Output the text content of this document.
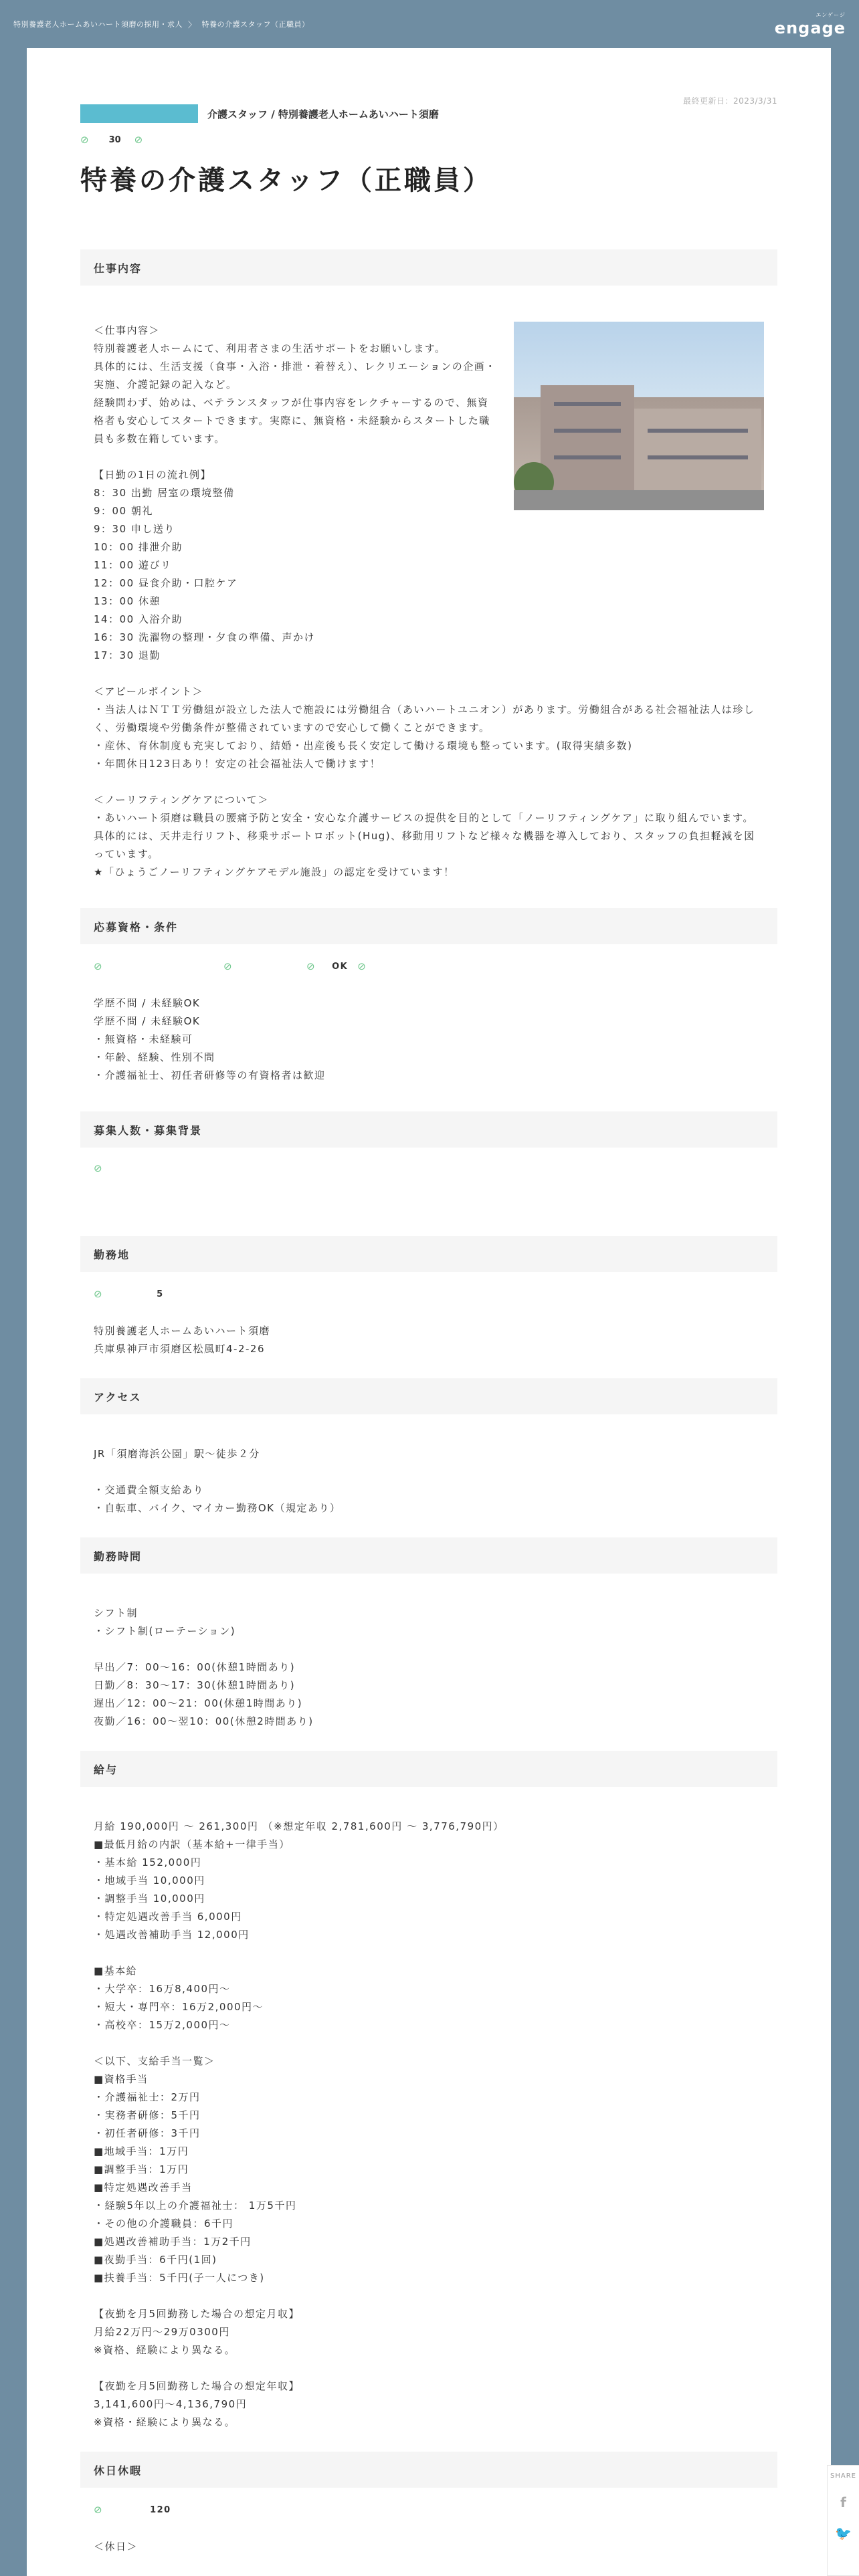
特別養護老人ホームあいハート須磨の採用・求人 〉 特養の介護スタッフ（正職員）
エンゲージ
engage
最終更新日：2023/3/31
介護スタッフ / 特別養護老人ホームあいハート須磨
⊘ 30 ⊘
特養の介護スタッフ（正職員）
仕事内容
＜仕事内容＞
特別養護老人ホームにて、利用者さまの生活サポートをお願いします。
具体的には、生活支援（食事・入浴・排泄・着替え）、レクリエーションの企画・実施、介護記録の記入など。
経験問わず、始めは、ベテランスタッフが仕事内容をレクチャーするので、無資格者も安心してスタートできます。実際に、無資格・未経験からスタートした職員も多数在籍しています。
【日勤の1日の流れ例】
8：30 出勤 居室の環境整備
9：00 朝礼
9：30 申し送り
10：00 排泄介助
11：00 遊びリ
12：00 昼食介助・口腔ケア
13：00 休憩
14：00 入浴介助
16：30 洗濯物の整理・夕食の準備、声かけ
17：30 退勤
＜アピールポイント＞
・当法人はＮＴＴ労働組が設立した法人で施設には労働組合（あいハートユニオン）があります。労働組合がある社会福祉法人は珍しく、労働環境や労働条件が整備されていますので安心して働くことができます。
・産休、育休制度も充実しており、結婚・出産後も長く安定して働ける環境も整っています。(取得実績多数)
・年間休日123日あり！安定の社会福祉法人で働けます！
＜ノーリフティングケアについて＞
・あいハート須磨は職員の腰痛予防と安全・安心な介護サービスの提供を目的として「ノーリフティングケア」に取り組んでいます。具体的には、天井走行リフト、移乗サポートロボット(Hug)、移動用リフトなど様々な機器を導入しており、スタッフの負担軽減を図っています。
★「ひょうごノーリフティングケアモデル施設」の認定を受けています！
応募資格・条件
⊘	⊘	⊘ OK ⊘
学歴不問 / 未経験OK
学歴不問 / 未経験OK
・無資格・未経験可
・年齢、経験、性別不問
・介護福祉士、初任者研修等の有資格者は歓迎
募集人数・募集背景
⊘
勤務地
⊘	5
特別養護老人ホームあいハート須磨
兵庫県神戸市須磨区松風町4-2-26
アクセス
JR「須磨海浜公園」駅～徒歩２分

・交通費全額支給あり
・自転車、バイク、マイカー勤務OK（規定あり）
勤務時間
シフト制
・シフト制(ローテーション)

早出／7：00～16：00(休憩1時間あり)
日勤／8：30～17：30(休憩1時間あり)
遅出／12：00～21：00(休憩1時間あり)
夜勤／16：00～翌10：00(休憩2時間あり)
給与
月給 190,000円 ～ 261,300円 （※想定年収 2,781,600円 ～ 3,776,790円）
■最低月給の内訳（基本給+一律手当）
・基本給 152,000円
・地域手当 10,000円
・調整手当 10,000円
・特定処遇改善手当 6,000円
・処遇改善補助手当 12,000円

■基本給
・大学卒：16万8,400円～
・短大・専門卒：16万2,000円～
・高校卒：15万2,000円～

＜以下、支給手当一覧＞
■資格手当
・介護福祉士：2万円
・実務者研修：5千円
・初任者研修：3千円
■地域手当：1万円
■調整手当：1万円
■特定処遇改善手当
・経験5年以上の介護福祉士： 1万5千円
・その他の介護職員：6千円
■処遇改善補助手当：1万2千円
■夜勤手当：6千円(1回)
■扶養手当：5千円(子一人につき)

【夜勤を月5回勤務した場合の想定月収】
月給22万円～29万0300円
※資格、経験により異なる。

【夜勤を月5回勤務した場合の想定年収】
3,141,600円～4,136,790円
※資格・経験により異なる。
休日休暇
⊘	120
＜休日＞
SHARE
f
🐦
